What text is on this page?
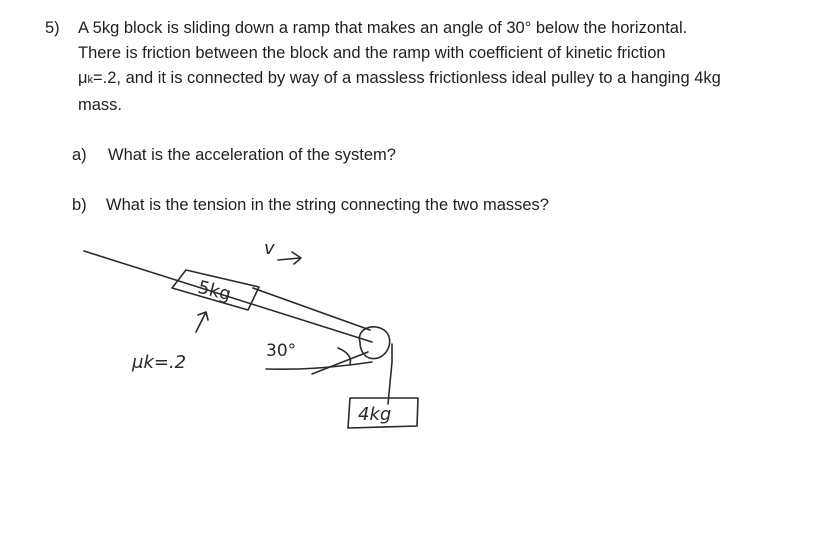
5) A 5kg block is sliding down a ramp that makes an angle of 30° below the horizontal.
There is friction between the block and the ramp with coefficient of kinetic friction
μk=.2, and it is connected by way of a massless frictionless ideal pulley to a hanging 4kg
mass.
a) What is the acceleration of the system?
b) What is the tension in the string connecting the two masses?
5kg
v
μk=.2
30°
4kg
